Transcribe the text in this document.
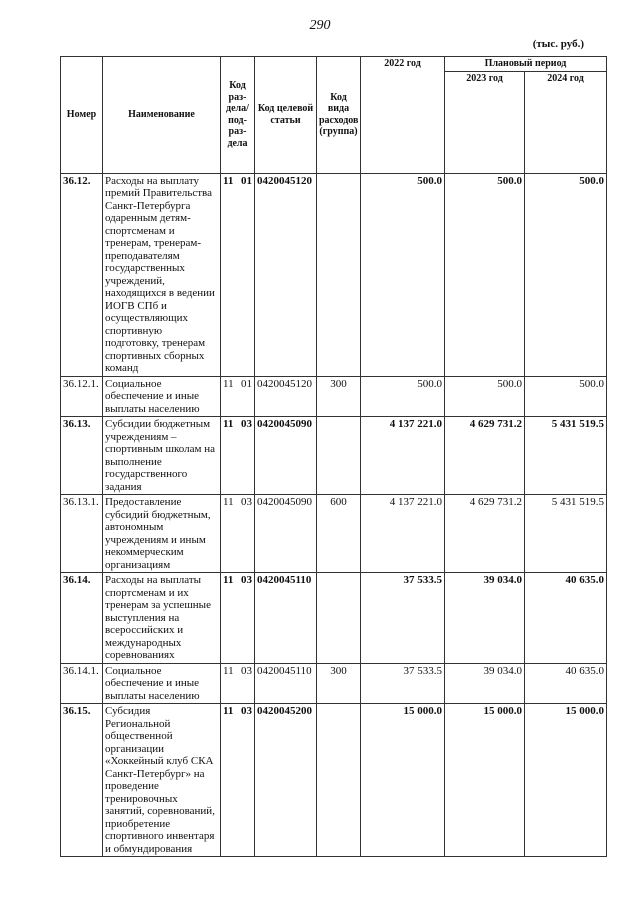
290
(тыс. руб.)
Номер	Наименование	Код раз-дела/ под-раз-дела	Код целевой статьи	Код вида расходов (группа)	2022 год	Плановый период	
						2023 год	2024 год
36.12.	Расходы на выплату премий Правительства Санкт-Петербурга одаренным детям-спортсменам и тренерам, тренерам-преподавателям государственных учреждений, находящихся в ведении ИОГВ СПб и осуществляющих спортивную подготовку, тренерам спортивных сборных команд	11 01	0420045120		500.0	500.0	500.0
36.12.1.	Социальное обеспечение и иные выплаты населению	11 01	0420045120	300	500.0	500.0	500.0
36.13.	Субсидии бюджетным учреждениям – спортивным школам на выполнение государственного задания	11 03	0420045090		4 137 221.0	4 629 731.2	5 431 519.5
36.13.1.	Предоставление субсидий бюджетным, автономным учреждениям и иным некоммерческим организациям	11 03	0420045090	600	4 137 221.0	4 629 731.2	5 431 519.5
36.14.	Расходы на выплаты спортсменам и их тренерам за успешные выступления на всероссийских и международных соревнованиях	11 03	0420045110		37 533.5	39 034.0	40 635.0
36.14.1.	Социальное обеспечение и иные выплаты населению	11 03	0420045110	300	37 533.5	39 034.0	40 635.0
36.15.	Субсидия Региональной общественной организации «Хоккейный клуб СКА Санкт-Петербург» на проведение тренировочных занятий, соревнований, приобретение спортивного инвентаря и обмундирования	11 03	0420045200		15 000.0	15 000.0	15 000.0
